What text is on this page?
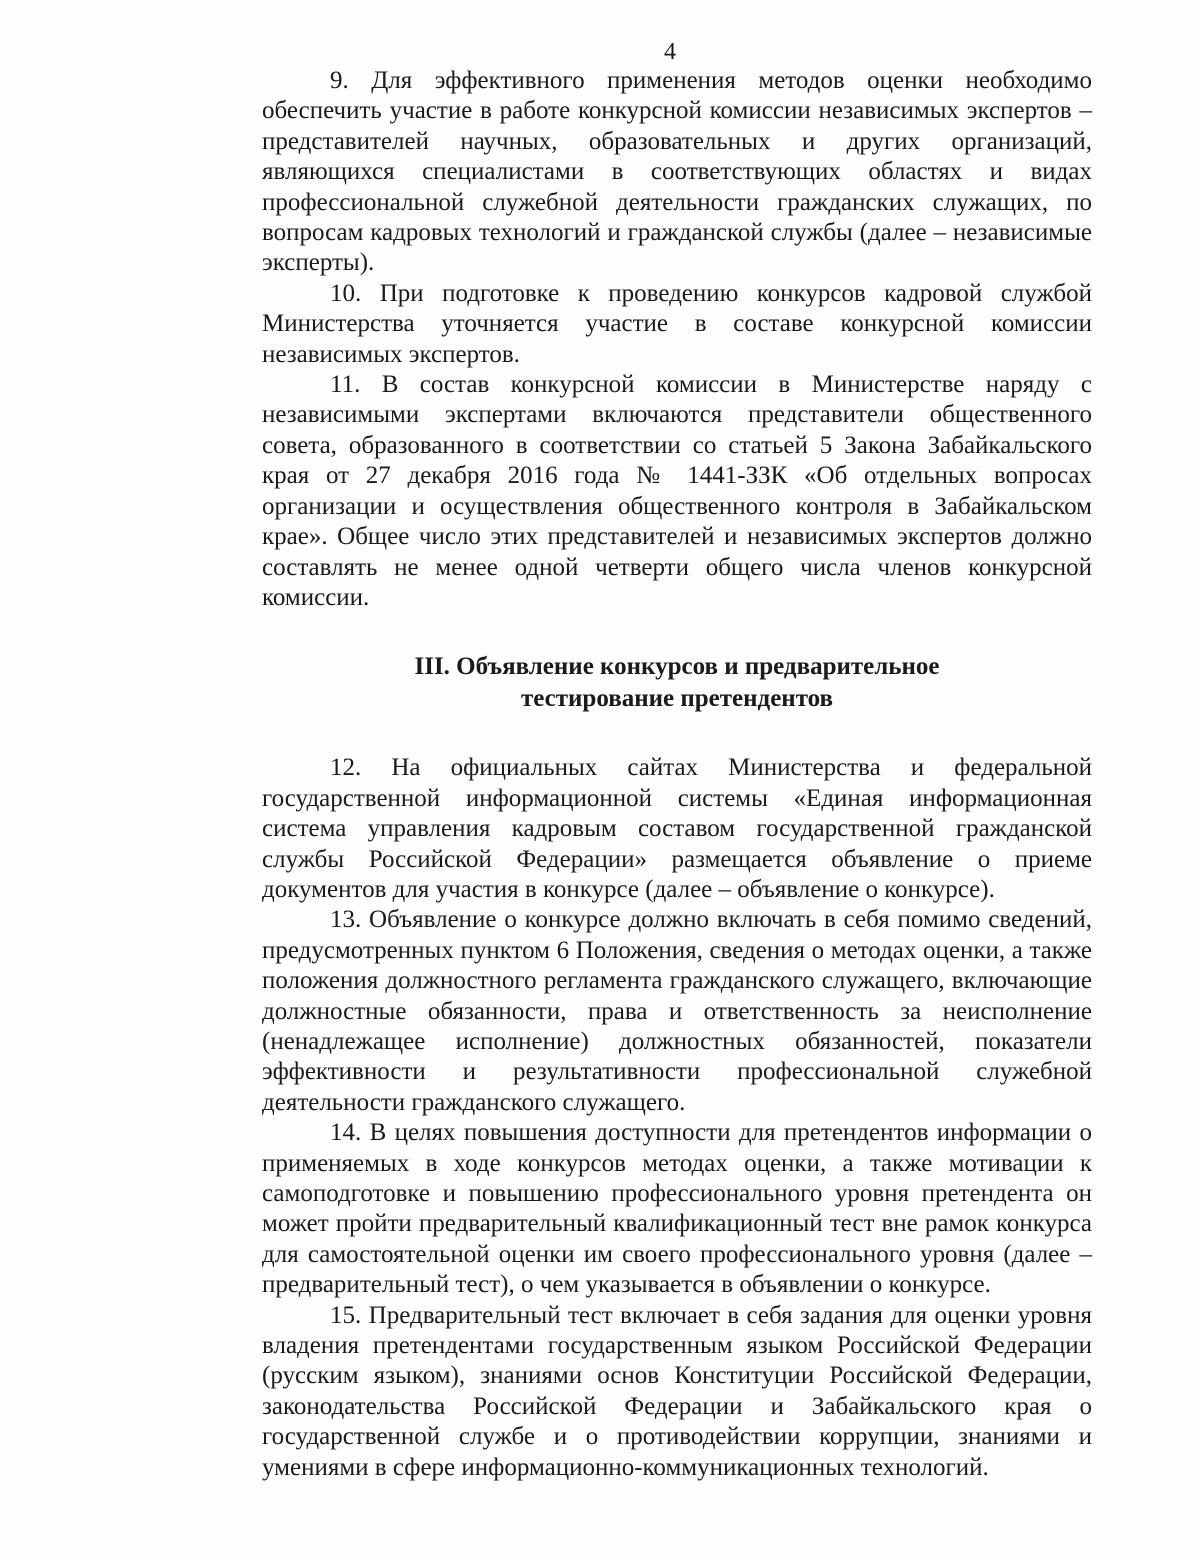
4

9. Для эффективного применения методов оценки необходимо обеспечить участие в работе конкурсной комиссии независимых экспертов – представителей научных, образовательных и других организаций, являющихся специалистами в соответствующих областях и видах профессиональной служебной деятельности гражданских служащих, по вопросам кадровых технологий и гражданской службы (далее – независимые эксперты).

10. При подготовке к проведению конкурсов кадровой службой Министерства уточняется участие в составе конкурсной комиссии независимых экспертов.

11. В состав конкурсной комиссии в Министерстве наряду с независимыми экспертами включаются представители общественного совета, образованного в соответствии со статьей 5 Закона Забайкальского края от 27 декабря 2016 года № 1441-ЗЗК «Об отдельных вопросах организации и осуществления общественного контроля в Забайкальском крае». Общее число этих представителей и независимых экспертов должно составлять не менее одной четверти общего числа членов конкурсной комиссии.

III. Объявление конкурсов и предварительное
тестирование претендентов

12. На официальных сайтах Министерства и федеральной государственной информационной системы «Единая информационная система управления кадровым составом государственной гражданской службы Российской Федерации» размещается объявление о приеме документов для участия в конкурсе (далее – объявление о конкурсе).

13. Объявление о конкурсе должно включать в себя помимо сведений, предусмотренных пунктом 6 Положения, сведения о методах оценки, а также положения должностного регламента гражданского служащего, включающие должностные обязанности, права и ответственность за неисполнение (ненадлежащее исполнение) должностных обязанностей, показатели эффективности и результативности профессиональной служебной деятельности гражданского служащего.

14. В целях повышения доступности для претендентов информации о применяемых в ходе конкурсов методах оценки, а также мотивации к самоподготовке и повышению профессионального уровня претендента он может пройти предварительный квалификационный тест вне рамок конкурса для самостоятельной оценки им своего профессионального уровня (далее – предварительный тест), о чем указывается в объявлении о конкурсе.

15. Предварительный тест включает в себя задания для оценки уровня владения претендентами государственным языком Российской Федерации (русским языком), знаниями основ Конституции Российской Федерации, законодательства Российской Федерации и Забайкальского края о государственной службе и о противодействии коррупции, знаниями и умениями в сфере информационно-коммуникационных технологий.
